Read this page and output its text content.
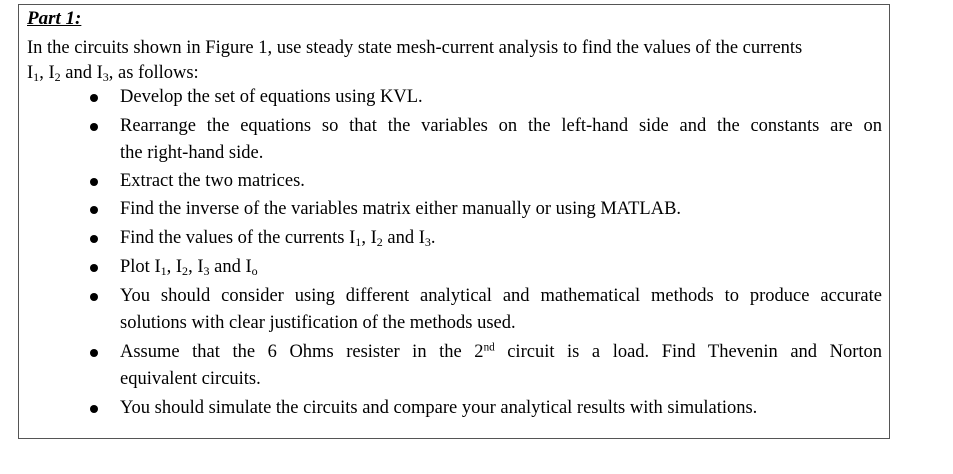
Part 1:
In the circuits shown in Figure 1, use steady state mesh-current analysis to find the values of the currents
$I_1$, $I_2$ and $I_3$, as follows:
Develop the set of equations using KVL.
Rearrange the equations so that the variables on the left-hand side and the constants are on
the right-hand side.
Extract the two matrices.
Find the inverse of the variables matrix either manually or using MATLAB.
Find the values of the currents $I_1$, $I_2$ and $I_3$.
Plot $I_1$, $I_2$, $I_3$ and $I_o$
You should consider using different analytical and mathematical methods to produce accurate
solutions with clear justification of the methods used.
Assume that the 6 Ohms resister in the 2nd circuit is a load. Find Thevenin and Norton
equivalent circuits.
You should simulate the circuits and compare your analytical results with simulations.
